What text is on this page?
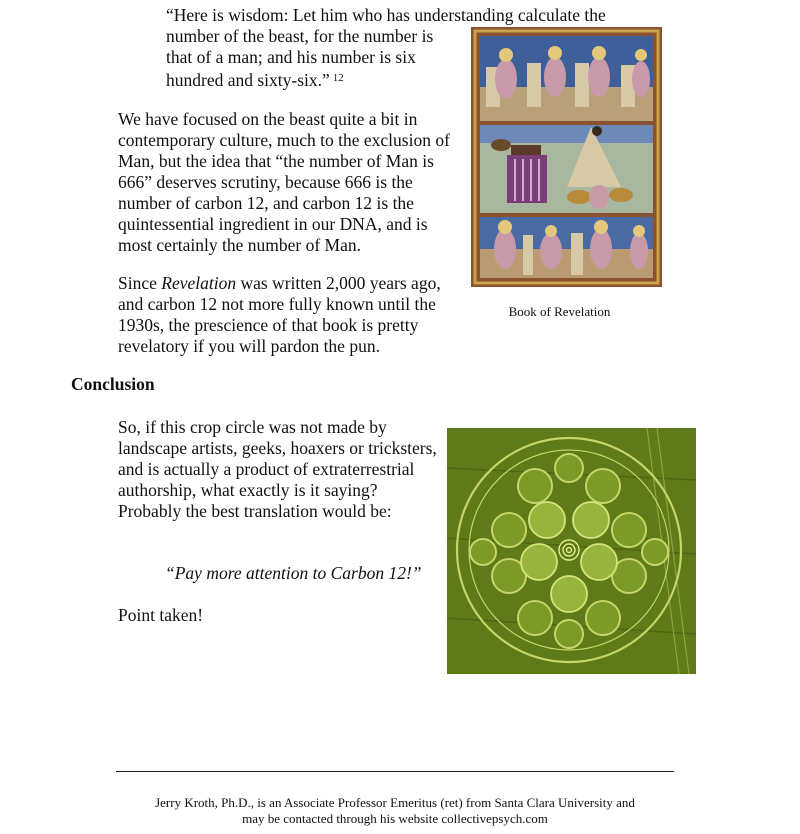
“Here is wisdom: Let him who has understanding calculate the
number of the beast, for the number is that of a man; and his number is six hundred and sixty-six.” $^{12}$
We have focused on the beast quite a bit in contemporary culture, much to the exclusion of Man, but the idea that “the number of Man is 666” deserves scrutiny, because 666 is the number of carbon 12, and carbon 12 is the quintessential ingredient in our DNA, and is most certainly the number of Man.
Since Revelation was written 2,000 years ago, and carbon 12 not more fully known until the 1930s, the prescience of that book is pretty revelatory if you will pardon the pun.
Book of Revelation
Conclusion
So, if this crop circle was not made by landscape artists, geeks, hoaxers or tricksters, and is actually a product of extraterrestrial authorship, what exactly is it saying? Probably the best translation would be:
“Pay more attention to Carbon 12!”
Point taken!
Jerry Kroth, Ph.D., is an Associate Professor Emeritus (ret) from Santa Clara University and
may be contacted through his website collectivepsych.com
